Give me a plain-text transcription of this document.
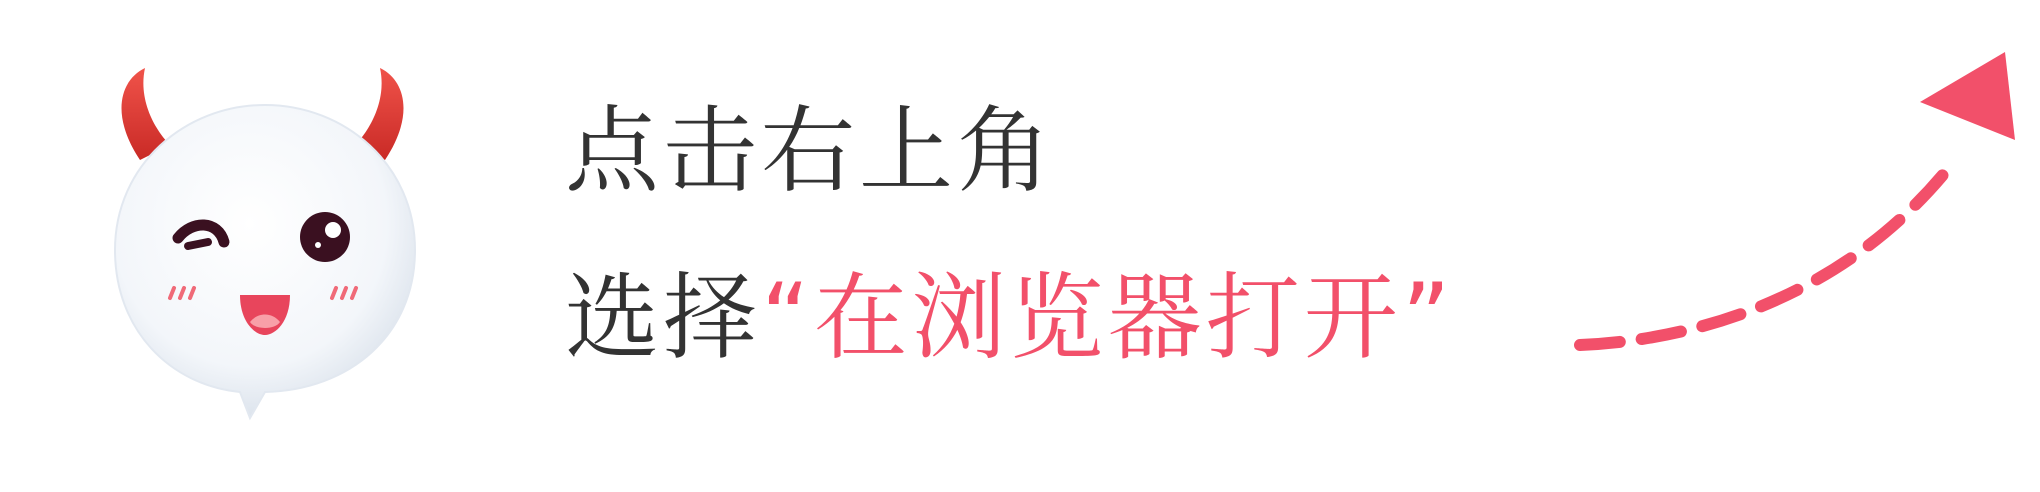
点击右上角
选择“在浏览器打开”
